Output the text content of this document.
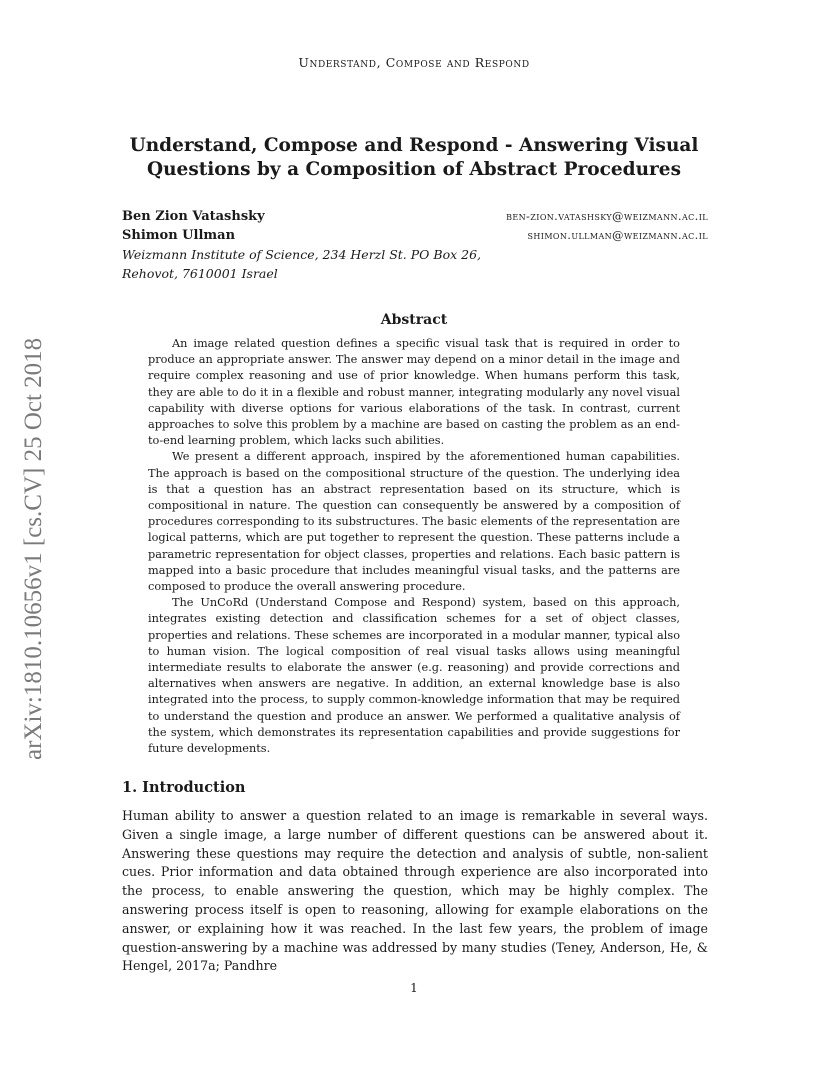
Understand, Compose and Respond
Understand, Compose and Respond - Answering Visual Questions by a Composition of Abstract Procedures
Ben Zion Vatashsky	ben-zion.vatashsky@weizmann.ac.il
Shimon Ullman	shimon.ullman@weizmann.ac.il
Weizmann Institute of Science, 234 Herzl St. PO Box 26,
Rehovot, 7610001 Israel
arXiv:1810.10656v1 [cs.CV] 25 Oct 2018
Abstract

An image related question defines a specific visual task that is required in order to produce an appropriate answer. The answer may depend on a minor detail in the image and require complex reasoning and use of prior knowledge. When humans perform this task, they are able to do it in a flexible and robust manner, integrating modularly any novel visual capability with diverse options for various elaborations of the task. In contrast, current approaches to solve this problem by a machine are based on casting the problem as an end-to-end learning problem, which lacks such abilities.

We present a different approach, inspired by the aforementioned human capabilities. The approach is based on the compositional structure of the question. The underlying idea is that a question has an abstract representation based on its structure, which is compositional in nature. The question can consequently be answered by a composition of procedures corresponding to its substructures. The basic elements of the representation are logical patterns, which are put together to represent the question. These patterns include a parametric representation for object classes, properties and relations. Each basic pattern is mapped into a basic procedure that includes meaningful visual tasks, and the patterns are composed to produce the overall answering procedure.

The UnCoRd (Understand Compose and Respond) system, based on this approach, integrates existing detection and classification schemes for a set of object classes, properties and relations. These schemes are incorporated in a modular manner, typical also to human vision. The logical composition of real visual tasks allows using meaningful intermediate results to elaborate the answer (e.g. reasoning) and provide corrections and alternatives when answers are negative. In addition, an external knowledge base is also integrated into the process, to supply common-knowledge information that may be required to understand the question and produce an answer. We performed a qualitative analysis of the system, which demonstrates its representation capabilities and provide suggestions for future developments.

1. Introduction

Human ability to answer a question related to an image is remarkable in several ways. Given a single image, a large number of different questions can be answered about it. Answering these questions may require the detection and analysis of subtle, non-salient cues. Prior information and data obtained through experience are also incorporated into the process, to enable answering the question, which may be highly complex. The answering process itself is open to reasoning, allowing for example elaborations on the answer, or explaining how it was reached. In the last few years, the problem of image question-answering by a machine was addressed by many studies (Teney, Anderson, He, & Hengel, 2017a; Pandhre

1
